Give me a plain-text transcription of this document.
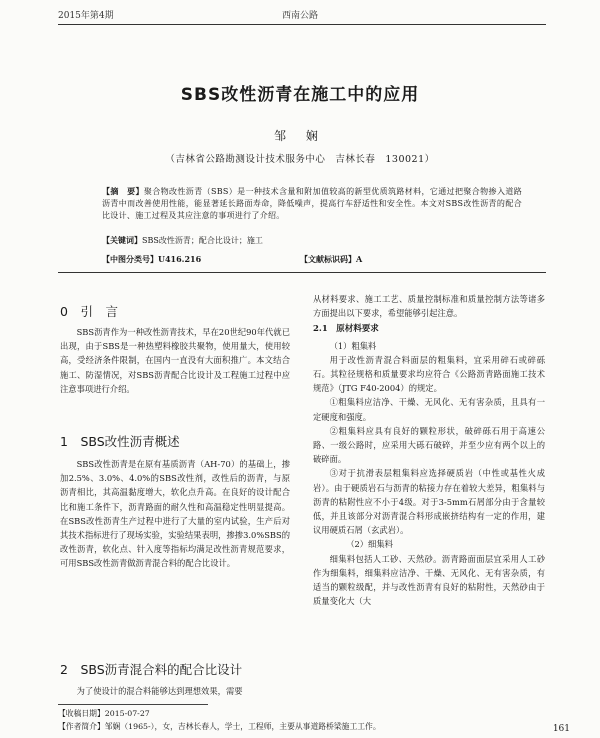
2015年第4期	西南公路
SBS改性沥青在施工中的应用
邹 娴
（吉林省公路勘测设计技术服务中心　吉林长春　130021）
【摘　要】聚合物改性沥青（SBS）是一种技术含量和附加值较高的新型优质筑路材料，它通过把聚合物掺入道路沥青中而改善使用性能，能显著延长路面寿命，降低噪声，提高行车舒适性和安全性。本文对SBS改性沥青的配合比设计、施工过程及其应注意的事项进行了介绍。
【关键词】SBS改性沥青；配合比设计；施工
【中图分类号】U416.216	【文献标识码】A
0　引　言

SBS沥青作为一种改性沥青技术，早在20世纪90年代就已出现，由于SBS是一种热塑料橡胶共聚物，使用量大，使用较高，受经济条件限制，在国内一直没有大面积推广。本文结合施工、防湿情况，对SBS沥青配合比设计及工程施工过程中应注意事项进行介绍。

1　SBS改性沥青概述

SBS改性沥青是在原有基质沥青（AH-70）的基础上，掺加2.5%、3.0%、4.0%的SBS改性剂，改性后的沥青，与原沥青相比，其高温黏度增大，软化点升高。在良好的设计配合比和施工条件下，沥青路面的耐久性和高温稳定性明显提高。在SBS改性沥青生产过程中进行了大量的室内试验，生产后对其技术指标进行了现场实验，实验结果表明，掺掺3.0%SBS的改性沥青，软化点、针入度等指标均满足改性沥青规范要求，可用SBS改性沥青做沥青混合料的配合比设计。

2　SBS沥青混合料的配合比设计

为了使设计的混合料能够达到理想效果，需要

从材料要求、施工工艺、质量控制标准和质量控制方法等诸多方面提出以下要求，希望能够引起注意。

2.1　原材料要求

（1）粗集料

用于改性沥青混合料面层的粗集料，宜采用碎石或碎砾石。其粒径规格和质量要求均应符合《公路沥青路面施工技术规范》（JTG F40-2004）的规定。

①粗集料应洁净、干燥、无风化、无有害杂质，且具有一定硬度和强度。

②粗集料应具有良好的颗粒形状，破碎砾石用于高速公路、一级公路时，应采用大砾石破碎，并至少应有两个以上的破碎面。

③对于抗滑表层粗集料应选择硬质岩（中性或基性火成岩）。由于硬质岩石与沥青的粘接力存在着较大差异，粗集料与沥青的粘附性应不小于4级。对于3-5mm石屑部分由于含量较低，并且该部分对沥青混合料形成嵌挤结构有一定的作用，建议用硬质石屑（玄武岩）。

（2）细集料

细集料包括人工砂、天然砂。沥青路面面层宜采用人工砂作为细集料，细集料应洁净、干燥、无风化、无有害杂质，有适当的颗粒级配，并与改性沥青有良好的粘附性，天然砂由于质量变化大（大

【收稿日期】2015-07-27
【作者简介】邹娴（1965-），女，吉林长春人，学士，工程师，主要从事道路桥梁施工工作。	161
